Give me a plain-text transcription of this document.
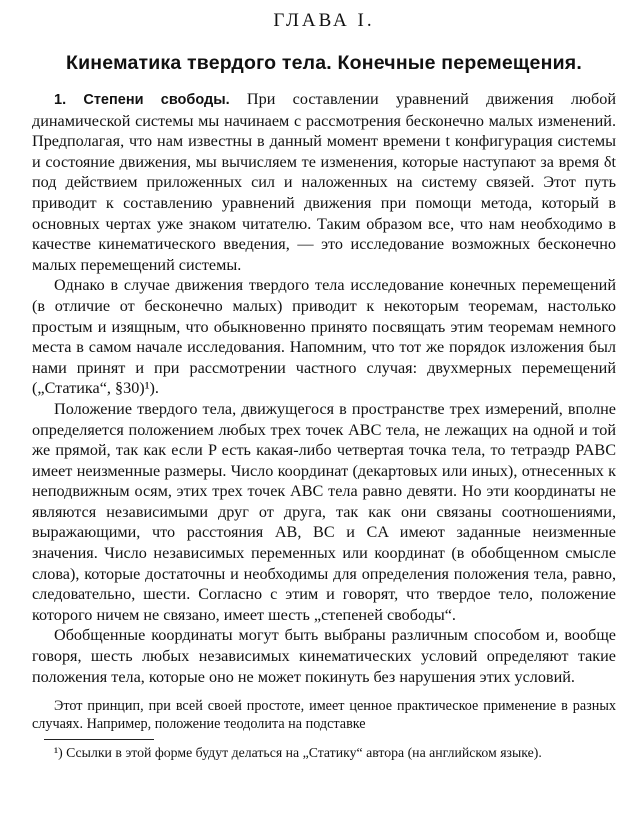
ГЛАВА I.
Кинематика твердого тела. Конечные перемещения.

1. Степени свободы. При составлении уравнений движения любой динамической системы мы начинаем с рассмотрения бесконечно малых изменений. Предполагая, что нам известны в данный момент времени t конфигурация системы и состояние движения, мы вычисляем те изменения, которые наступают за время δt под действием приложенных сил и наложенных на систему связей. Этот путь приводит к составлению уравнений движения при помощи метода, который в основных чертах уже знаком читателю. Таким образом все, что нам необходимо в качестве кинематического введения, — это исследование возможных бесконечно малых перемещений системы.

Однако в случае движения твердого тела исследование конечных перемещений (в отличие от бесконечно малых) приводит к некоторым теоремам, настолько простым и изящным, что обыкновенно принято посвящать этим теоремам немного места в самом начале исследования. Напомним, что тот же порядок изложения был нами принят и при рассмотрении частного случая: двухмерных перемещений („Статика“, §30)¹).

Положение твердого тела, движущегося в пространстве трех измерений, вполне определяется положением любых трех точек ABC тела, не лежащих на одной и той же прямой, так как если P есть какая-либо четвертая точка тела, то тетраэдр PABC имеет неизменные размеры. Число координат (декартовых или иных), отнесенных к неподвижным осям, этих трех точек ABC тела равно девяти. Но эти координаты не являются независимыми друг от друга, так как они связаны соотношениями, выражающими, что расстояния AB, BC и CA имеют заданные неизменные значения. Число независимых переменных или координат (в обобщенном смысле слова), которые достаточны и необходимы для определения положения тела, равно, следовательно, шести. Согласно с этим и говорят, что твердое тело, положение которого ничем не связано, имеет шесть „степеней свободы“.

Обобщенные координаты могут быть выбраны различным способом и, вообще говоря, шесть любых независимых кинематических условий определяют такие положения тела, которые оно не может покинуть без нарушения этих условий.

Этот принцип, при всей своей простоте, имеет ценное практическое применение в разных случаях. Например, положение теодолита на подставке

¹) Ссылки в этой форме будут делаться на „Статику“ автора (на английском языке).
